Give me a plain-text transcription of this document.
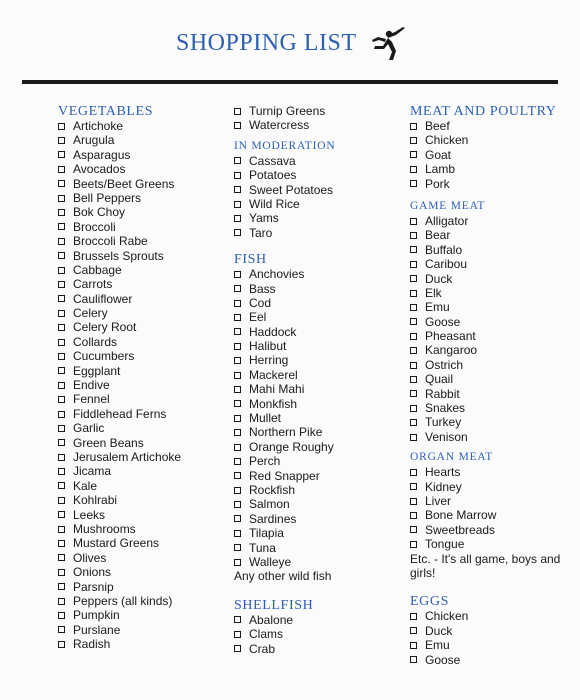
SHOPPING LIST
VEGETABLES
Artichoke
Arugula
Asparagus
Avocados
Beets/Beet Greens
Bell Peppers
Bok Choy
Broccoli
Broccoli Rabe
Brussels Sprouts
Cabbage
Carrots
Cauliflower
Celery
Celery Root
Collards
Cucumbers
Eggplant
Endive
Fennel
Fiddlehead Ferns
Garlic
Green Beans
Jerusalem Artichoke
Jicama
Kale
Kohlrabi
Leeks
Mushrooms
Mustard Greens
Olives
Onions
Parsnip
Peppers (all kinds)
Pumpkin
Purslane
Radish
Turnip Greens
Watercress
IN MODERATION
Cassava
Potatoes
Sweet Potatoes
Wild Rice
Yams
Taro
FISH
Anchovies
Bass
Cod
Eel
Haddock
Halibut
Herring
Mackerel
Mahi Mahi
Monkfish
Mullet
Northern Pike
Orange Roughy
Perch
Red Snapper
Rockfish
Salmon
Sardines
Tilapia
Tuna
Walleye
Any other wild fish
SHELLFISH
Abalone
Clams
Crab
MEAT AND POULTRY
Beef
Chicken
Goat
Lamb
Pork
GAME MEAT
Alligator
Bear
Buffalo
Caribou
Duck
Elk
Emu
Goose
Pheasant
Kangaroo
Ostrich
Quail
Rabbit
Snakes
Turkey
Venison
ORGAN MEAT
Hearts
Kidney
Liver
Bone Marrow
Sweetbreads
Tongue
Etc. - It's all game, boys and girls!
EGGS
Chicken
Duck
Emu
Goose
